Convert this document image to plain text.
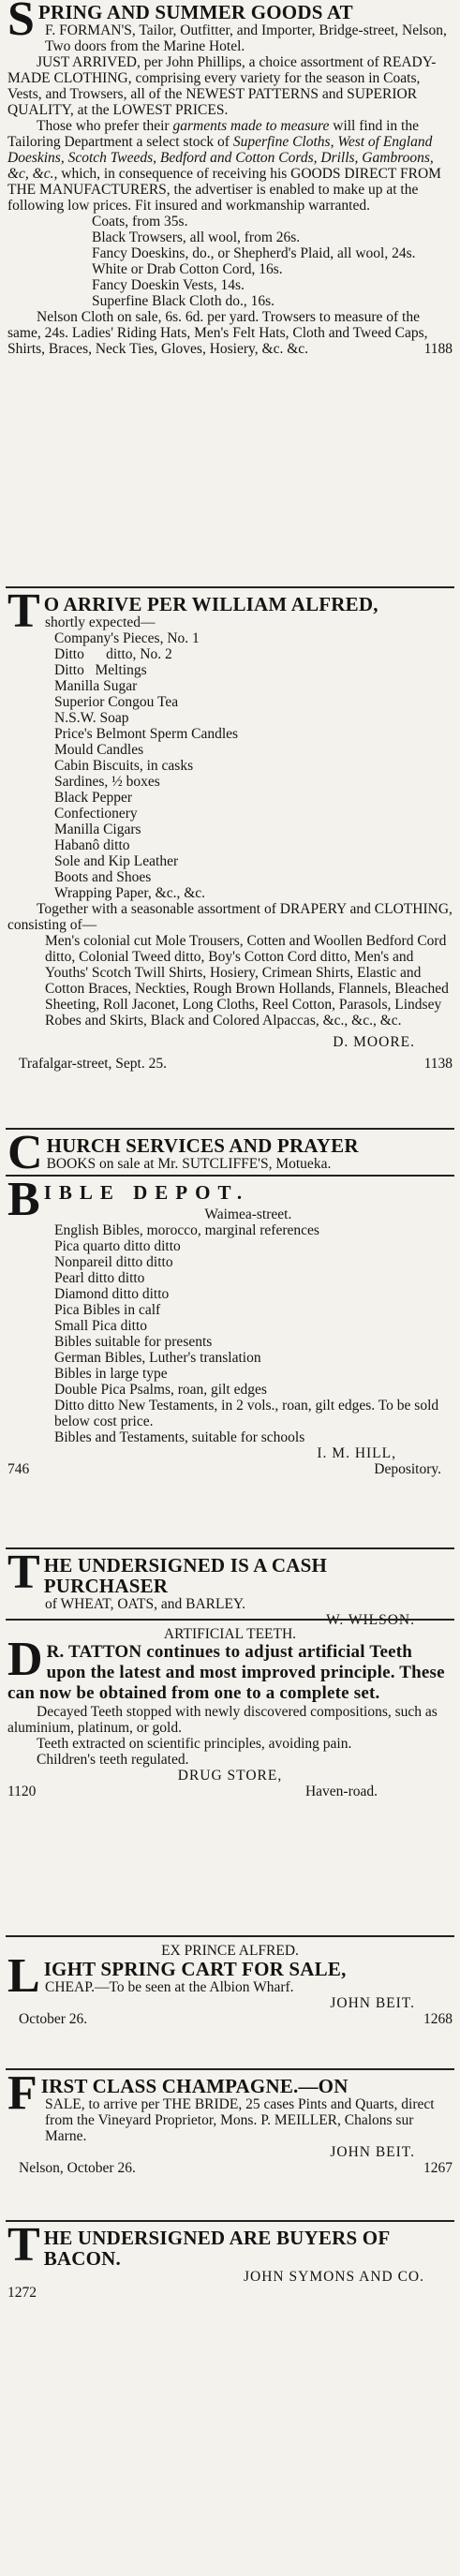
SPRING AND SUMMER GOODS AT

F. FORMAN'S, Tailor, Outfitter, and Importer, Bridge-street, Nelson, Two doors from the Marine Hotel.

JUST ARRIVED, per John Phillips, a choice assortment of READY-MADE CLOTHING, comprising every variety for the season in Coats, Vests, and Trowsers, all of the NEWEST PATTERNS and SUPERIOR QUALITY, at the LOWEST PRICES.

Those who prefer their garments made to measure will find in the Tailoring Department a select stock of Superfine Cloths, West of England Doeskins, Scotch Tweeds, Bedford and Cotton Cords, Drills, Gambroons, &c, &c., which, in consequence of receiving his GOODS DIRECT FROM THE MANUFACTURERS, the advertiser is enabled to make up at the following low prices. Fit insured and workmanship warranted.

Coats, from 35s.
Black Trowsers, all wool, from 26s.
Fancy Doeskins, do., or Shepherd's Plaid, all wool, 24s.
White or Drab Cotton Cord, 16s.
Fancy Doeskin Vests, 14s.
Superfine Black Cloth do., 16s.

Nelson Cloth on sale, 6s. 6d. per yard. Trowsers to measure of the same, 24s. Ladies' Riding Hats, Men's Felt Hats, Cloth and Tweed Caps, Shirts, Braces, Neck Ties, Gloves, Hosiery, &c. &c.	1188

T O ARRIVE PER WILLIAM ALFRED,

shortly expected—

Company's Pieces, No. 1
Ditto      ditto, No. 2
Ditto   Meltings
Manilla Sugar
Superior Congou Tea
N.S.W. Soap
Price's Belmont Sperm Candles
Mould Candles
Cabin Biscuits, in casks
Sardines, ½ boxes
Black Pepper
Confectionery
Manilla Cigars
Habanô ditto
Sole and Kip Leather
Boots and Shoes
Wrapping Paper, &c., &c.

Together with a seasonable assortment of DRAPERY and CLOTHING, consisting of—

Men's colonial cut Mole Trousers, Cotten and Woollen Bedford Cord ditto, Colonial Tweed ditto, Boy's Cotton Cord ditto, Men's and Youths' Scotch Twill Shirts, Hosiery, Crimean Shirts, Elastic and Cotton Braces, Neckties, Rough Brown Hollands, Flannels, Bleached Sheeting, Roll Jaconet, Long Cloths, Reel Cotton, Parasols, Lindsey Robes and Skirts, Black and Colored Alpaccas, &c., &c., &c.

D. MOORE.

Trafalgar-street, Sept. 25.	1138

CHURCH SERVICES AND PRAYER

BOOKS on sale at Mr. SUTCLIFFE'S, Motueka.

BIBLE DEPOT.

Waimea-street.

English Bibles, morocco, marginal references
Pica quarto ditto ditto
Nonpareil ditto ditto
Pearl ditto ditto
Diamond ditto ditto
Pica Bibles in calf
Small Pica ditto
Bibles suitable for presents
German Bibles, Luther's translation
Bibles in large type
Double Pica Psalms, roan, gilt edges
Ditto ditto New Testaments, in 2 vols., roan, gilt edges. To be sold below cost price.
Bibles and Testaments, suitable for schools

I. M. HILL,

746	Depository.

THE UNDERSIGNED IS A CASH PURCHASER

of WHEAT, OATS, and BARLEY.

W. WILSON.

ARTIFICIAL TEETH.

D R. TATTON continues to adjust artificial Teeth upon the latest and most improved principle. These can now be obtained from one to a complete set.

Decayed Teeth stopped with newly discovered compositions, such as aluminium, platinum, or gold.

Teeth extracted on scientific principles, avoiding pain.

Children's teeth regulated.

DRUG STORE,

1120	Haven-road.

EX PRINCE ALFRED.

LIGHT SPRING CART FOR SALE,

CHEAP.—To be seen at the Albion Wharf.

JOHN BEIT.

October 26.	1268

FIRST CLASS CHAMPAGNE.—ON

SALE, to arrive per THE BRIDE, 25 cases Pints and Quarts, direct from the Vineyard Proprietor, Mons. P. MEILLER, Chalons sur Marne.

JOHN BEIT.

Nelson, October 26.	1267

THE UNDERSIGNED ARE BUYERS OF BACON.

JOHN SYMONS AND CO.

1272
